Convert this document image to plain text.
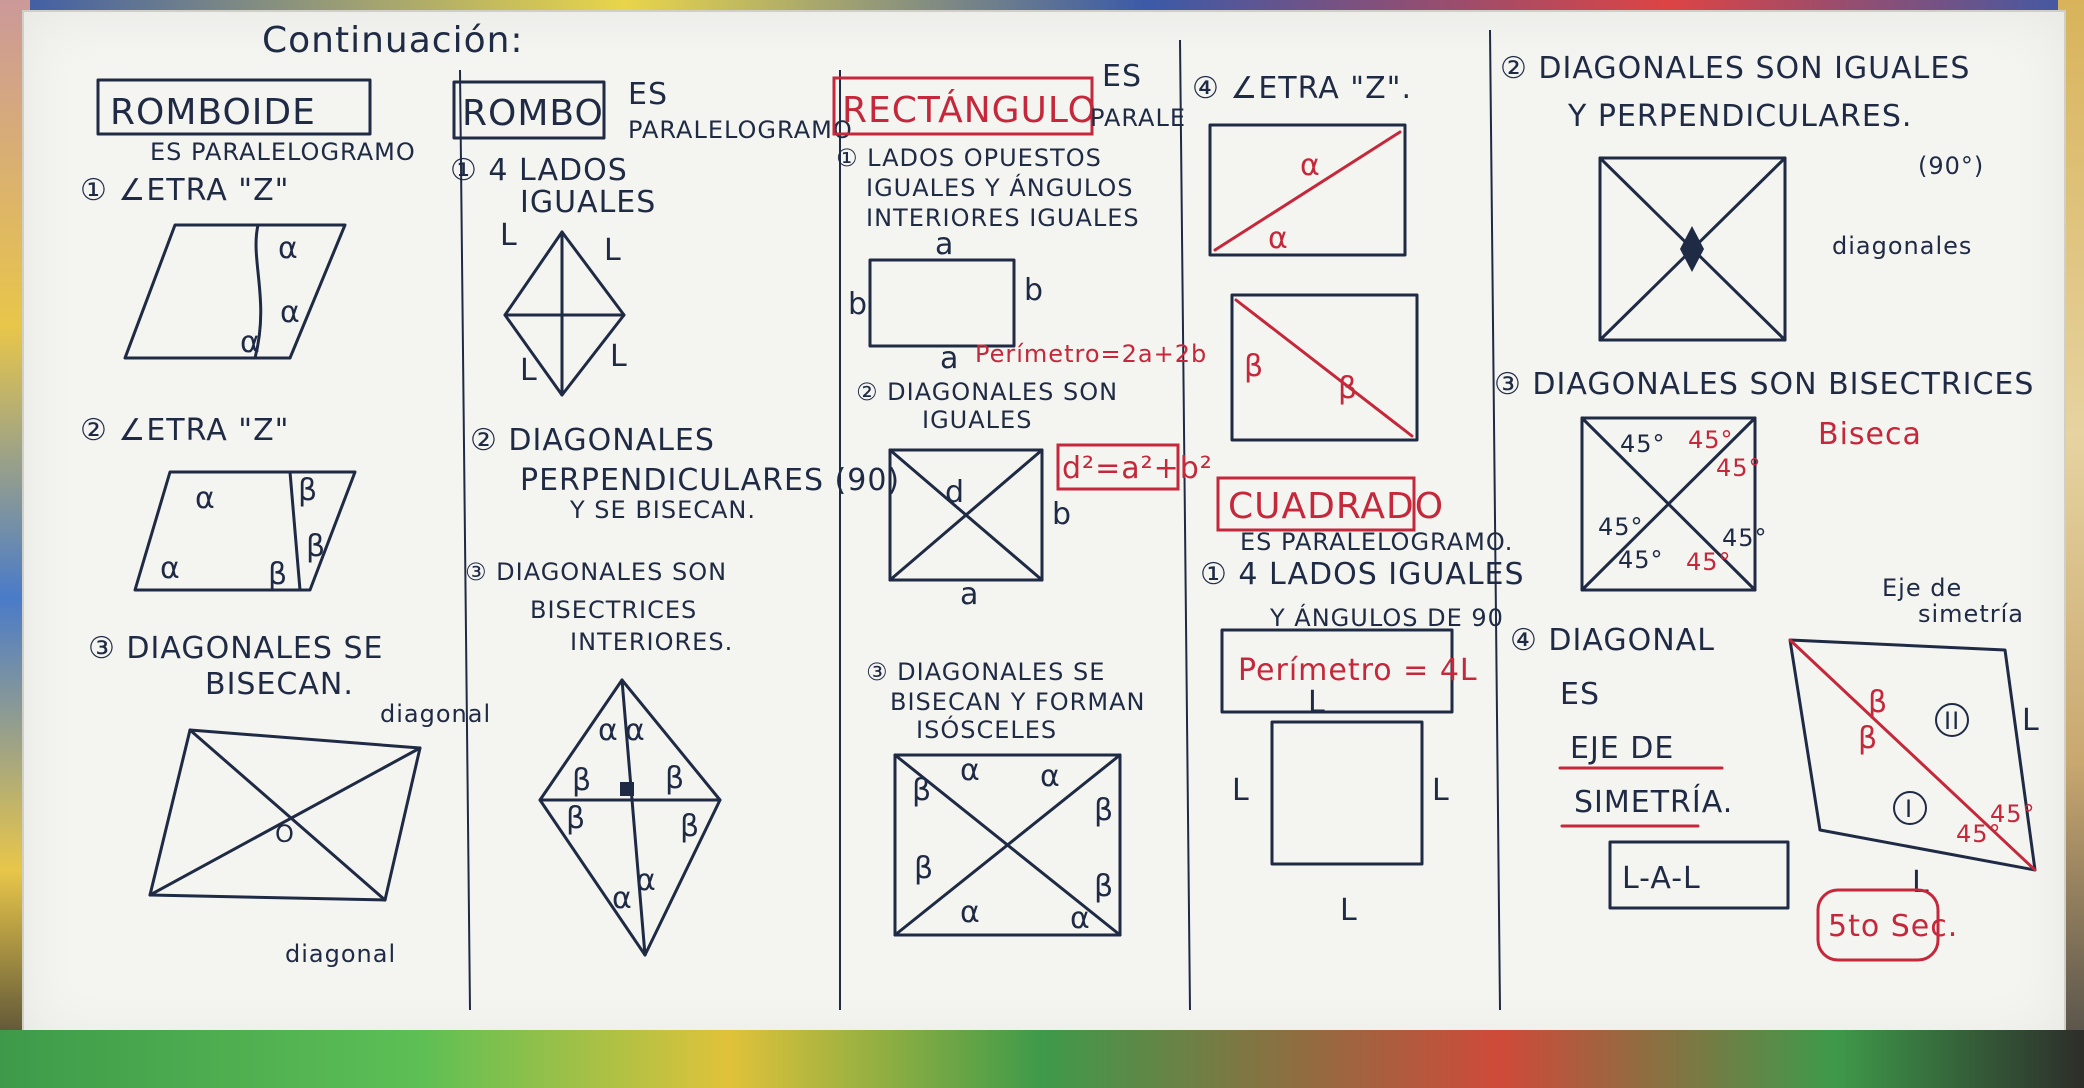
Continuación:
ROMBOIDE
ES PARALELOGRAMO
① ∠ETRA "Z"
α
α
α
② ∠ETRA "Z"
α
α
β
β
β
③ DIAGONALES SE
BISECAN.
O
diagonal
diagonal
ROMBO ES
PARALELOGRAMO
① 4 LADOS
IGUALES
L	L
L L
② DIAGONALES
PERPENDICULARES (90)
Y SE BISECAN.
③ DIAGONALES SON
BISECTRICES
INTERIORES.
α α
β β
β	β
α
α
RECTÁNGULO
ES
PARALE
① LADOS OPUESTOS
IGUALES Y ÁNGULOS
INTERIORES IGUALES
a
b	b
a Perímetro=2a+2b
② DIAGONALES SON
IGUALES
d
b
a
d²=a²+b²
③ DIAGONALES SE
BISECAN Y FORMAN
ISÓSCELES
α α
β
β
β
β
α	α
④ ∠ETRA "Z".
α
α
β
β
CUADRADO
ES PARALELOGRAMO.
① 4 LADOS IGUALES
Y ÁNGULOS DE 90
Perímetro = 4L
L
L	L
L
② DIAGONALES SON IGUALES
Y PERPENDICULARES.
(90°)
diagonales
③ DIAGONALES SON BISECTRICES
Biseca
45° 45°
45°
45°	45°
45° 45°
④ DIAGONAL
ES
EJE DE
SIMETRÍA.
L-A-L
Eje de
simetría
β
β	II
I
45°
45°
L
L
5to Sec.
